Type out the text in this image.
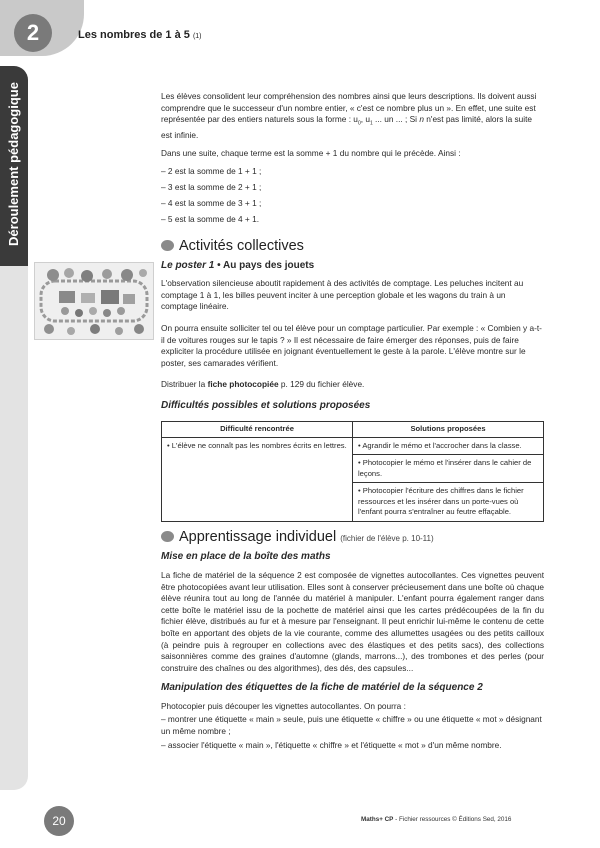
2	Les nombres de 1 à 5 (1)
Déroulement pédagogique	Les élèves consolident leur compréhension des nombres ainsi que leurs descriptions. Ils doivent aussi comprendre que le successeur d'un nombre entier, « c'est ce nombre plus un ». En effet, une suite est représentée par des entiers naturels sous la forme : $u_0$, $u_1$ ... un ... ; Si n n'est pas limité, alors la suite est infinie.

Dans une suite, chaque terme est la somme + 1 du nombre qui le précède. Ainsi :

– 2 est la somme de 1 + 1 ;

– 3 est la somme de 2 + 1 ;

– 4 est la somme de 3 + 1 ;

– 5 est la somme de 4 + 1.

Activités collectives
Le poster 1 • Au pays des jouets

L'observation silencieuse aboutit rapidement à des activités de comptage. Les peluches incitent au comptage 1 à 1, les billes peuvent inciter à une perception globale et les wagons du train à un comptage linéaire.

On pourra ensuite solliciter tel ou tel élève pour un comptage particulier. Par exemple : « Combien y a-t-il de voitures rouges sur le tapis ? » Il est nécessaire de faire émerger des réponses, puis de faire expliciter la procédure utilisée en joignant éventuellement le geste à la parole. L'élève montre sur le poster, ses camarades vérifient.

Distribuer la fiche photocopiée p. 129 du fichier élève.

Difficultés possibles et solutions proposées
Difficulté rencontrée	Solutions proposées
• L'élève ne connaît pas les nombres écrits en lettres.	• Agrandir le mémo et l'accrocher dans la classe.
• Photocopier le mémo et l'insérer dans le cahier de leçons.
• Photocopier l'écriture des chiffres dans le fichier ressources et les insérer dans un porte-vues où l'enfant pourra s'entraîner au feutre effaçable.
Apprentissage individuel (fichier de l'élève p. 10-11)
Mise en place de la boîte des maths

La fiche de matériel de la séquence 2 est composée de vignettes autocollantes. Ces vignettes peuvent être photocopiées avant leur utilisation. Elles sont à conserver précieusement dans une boîte où chaque élève réunira tout au long de l'année du matériel à manipuler. L'enfant pourra également ranger dans cette boîte le matériel issu de la pochette de matériel ainsi que les cartes prédécoupées de la fin du fichier élève, distribués au fur et à mesure par l'enseignant. Il peut enrichir lui-même le contenu de cette boîte en apportant des objets de la vie courante, comme des allumettes usagées ou des petits cailloux (à peindre puis à regrouper en collections avec des élastiques et des petits sacs), des collections saisonnières comme des graines d'automne (glands, marrons...), des trombones et des perles (pour construire des chaînes ou des algorithmes), des dés, des capsules...

Manipulation des étiquettes de la fiche de matériel de la séquence 2

Photocopier puis découper les vignettes autocollantes. On pourra :

– montrer une étiquette « main » seule, puis une étiquette « chiffre » ou une étiquette « mot » désignant un même nombre ;

– associer l'étiquette « main », l'étiquette « chiffre » et l'étiquette « mot » d'un même nombre.

20	Maths+ CP - Fichier ressources © Éditions Sed, 2016
